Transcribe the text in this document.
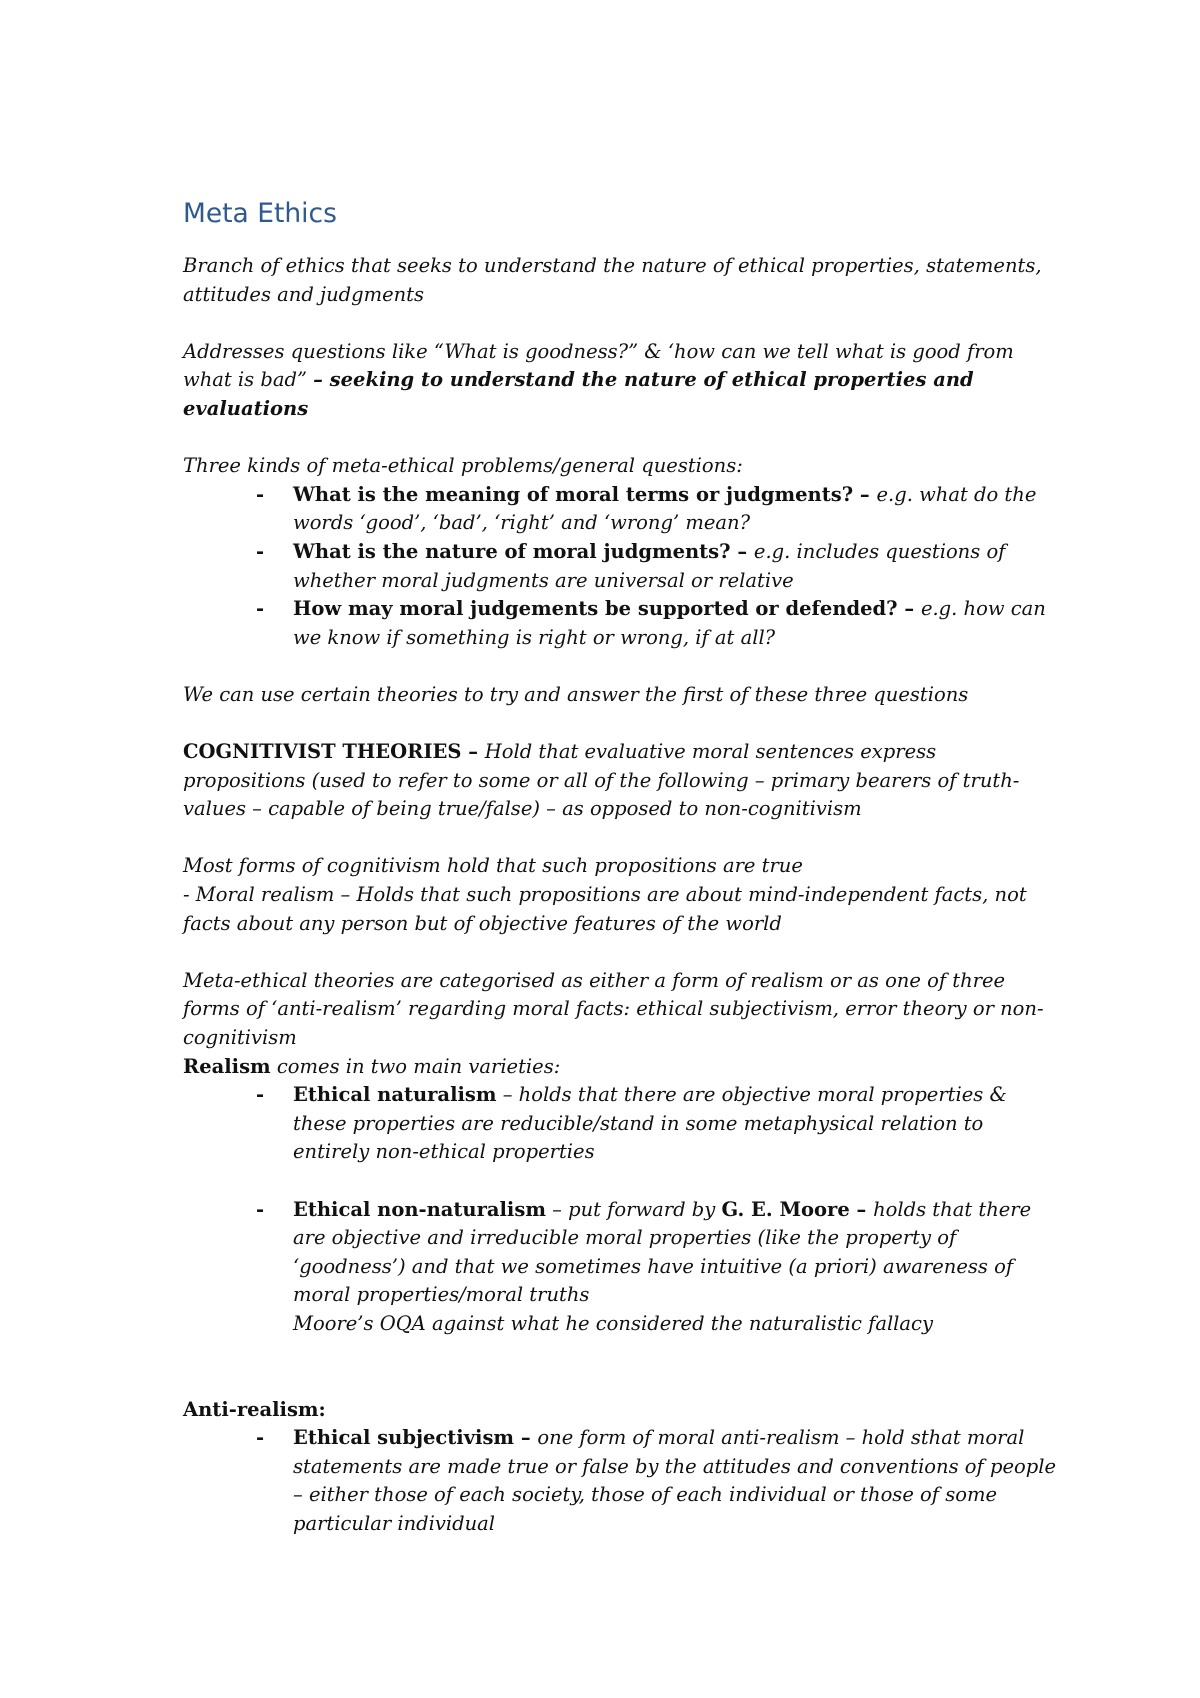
Meta Ethics

Branch of ethics that seeks to understand the nature of ethical properties, statements, attitudes and judgments

Addresses questions like “What is goodness?” & ‘how can we tell what is good from what is bad” – seeking to understand the nature of ethical properties and evaluations

Three kinds of meta-ethical problems/general questions:

- What is the meaning of moral terms or judgments? – e.g. what do the words ‘good’, ‘bad’, ‘right’ and ‘wrong’ mean?
- What is the nature of moral judgments? – e.g. includes questions of whether moral judgments are universal or relative
- How may moral judgements be supported or defended? – e.g. how can we know if something is right or wrong, if at all?

We can use certain theories to try and answer the first of these three questions

COGNITIVIST THEORIES – Hold that evaluative moral sentences express propositions (used to refer to some or all of the following – primary bearers of truth-values – capable of being true/false) – as opposed to non-cognitivism

Most forms of cognitivism hold that such propositions are true

- Moral realism – Holds that such propositions are about mind-independent facts, not facts about any person but of objective features of the world

Meta-ethical theories are categorised as either a form of realism or as one of three forms of ‘anti-realism’ regarding moral facts: ethical subjectivism, error theory or non-cognitivism

Realism comes in two main varieties:

- Ethical naturalism – holds that there are objective moral properties & these properties are reducible/stand in some metaphysical relation to entirely non-ethical properties
- Ethical non-naturalism – put forward by G. E. Moore – holds that there are objective and irreducible moral properties (like the property of ‘goodness’) and that we sometimes have intuitive (a priori) awareness of moral properties/moral truths
Moore’s OQA against what he considered the naturalistic fallacy

Anti-realism:

- Ethical subjectivism – one form of moral anti-realism – hold sthat moral statements are made true or false by the attitudes and conventions of people – either those of each society, those of each individual or those of some particular individual
